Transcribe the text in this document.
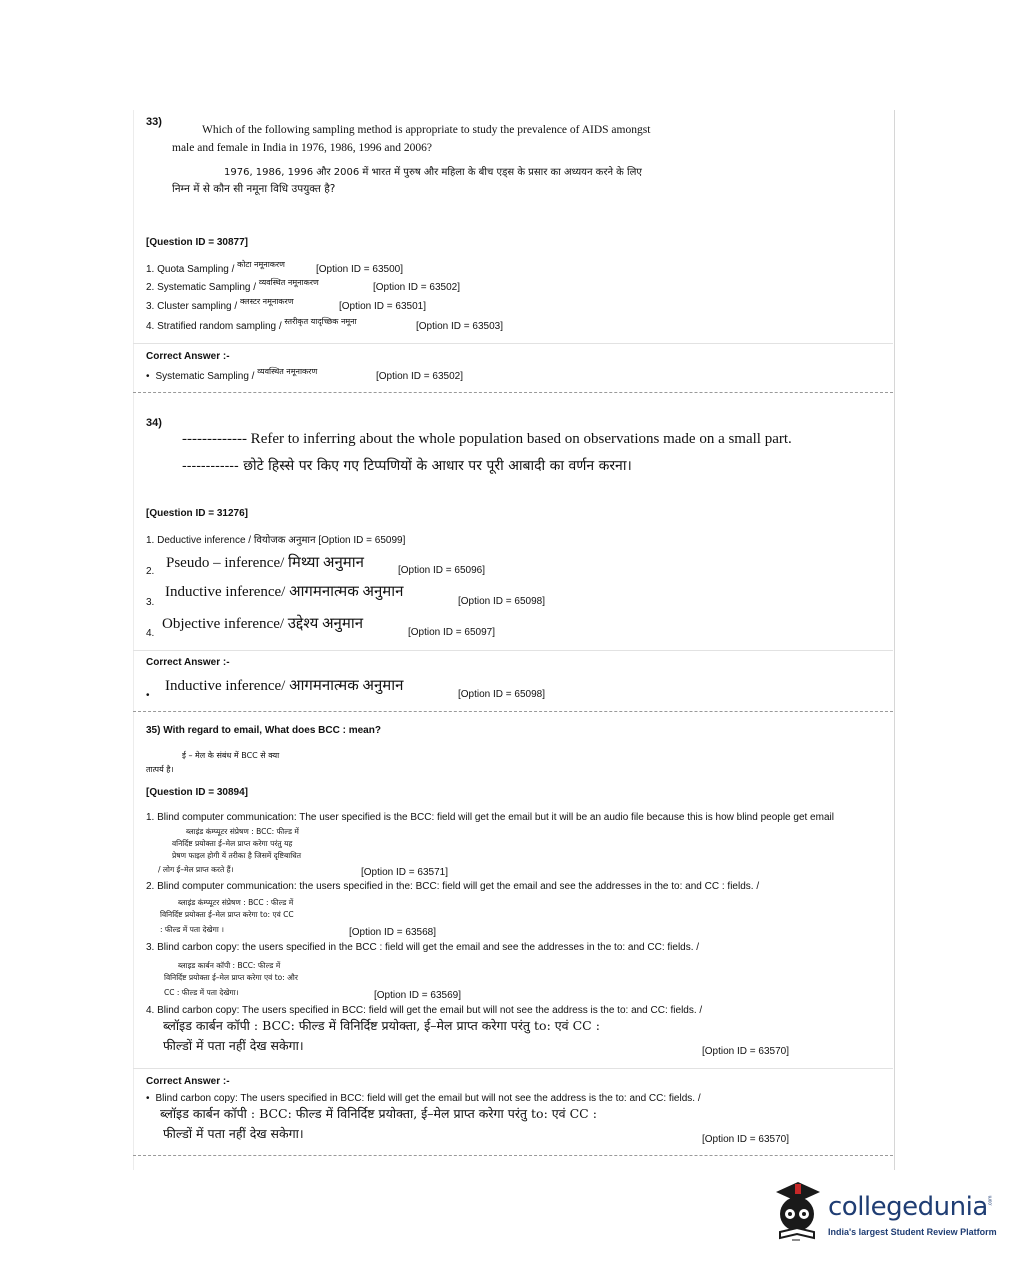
33)
Which of the following sampling method is appropriate to study the prevalence of AIDS amongst
male and female in India in 1976, 1986, 1996 and 2006?
1976, 1986, 1996 और 2006 में भारत में पुरुष और महिला के बीच एड्स के प्रसार का अध्ययन करने के लिए
निम्न में से कौन सी नमूना विधि उपयुक्त है?
[Question ID = 30877]
1. Quota Sampling / $^{कोटा नमूनाकरण}$	[Option ID = 63500]
2. Systematic Sampling / $^{व्यवस्थित नमूनाकरण}$	[Option ID = 63502]
3. Cluster sampling / $^{क्लस्टर नमूनाकरण}$	[Option ID = 63501]
4. Stratified random sampling / $^{स्तरीकृत यादृच्छिक नमूना}$	[Option ID = 63503]
Correct Answer :-
• Systematic Sampling / $^{व्यवस्थित नमूनाकरण}$	[Option ID = 63502]
34)
------------- Refer to inferring about the whole population based on observations made on a small part.
------------ छोटे हिस्से पर किए गए टिप्पणियों के आधार पर पूरी आबादी का वर्णन करना।
[Question ID = 31276]
1. Deductive inference / वियोजक अनुमान [Option ID = 65099]
2.
Pseudo – inference/ मिथ्या अनुमान	[Option ID = 65096]
3.
Inductive inference/ आगमनात्मक अनुमान
[Option ID = 65098]
4.
Objective inference/ उद्देश्य अनुमान
[Option ID = 65097]
Correct Answer :-
•
Inductive inference/ आगमनात्मक अनुमान
[Option ID = 65098]
35) With regard to email, What does BCC : mean?
ई – मेल के संबंध में BCC से क्या
तात्पर्य है।
[Question ID = 30894]
1. Blind computer communication: The user specified is the BCC: field will get the email but it will be an audio file because this is how blind people get email
ब्लाइंड कंम्प्यूटर संप्रेषण : BCC: फील्ड में
वनिर्दिष्ट प्रयोक्ता ई–मेल प्राप्त करेगा परंतु यह
प्रेषण फाइल होगी यें तरीका है जिसमें दृष्टिबाधित
/ लोग ई–मेल प्राप्त करते हैं।	[Option ID = 63571]
2. Blind computer communication: the users specified in the: BCC: field will get the email and see the addresses in the to: and CC : fields. /
ब्लाइंड कंम्प्यूटर संप्रेषण : BCC : फील्ड में
विनिर्दिष्ट प्रयोक्ता ई–मेल प्राप्त करेगा to: एवं CC
: फील्ड में पता देखेगा ।	[Option ID = 63568]
3. Blind carbon copy: the users specified in the BCC : field will get the email and see the addresses in the to: and CC: fields. /
ब्लाइड कार्बन कॉपी : BCC: फील्ड में
विनिर्दिष्ट प्रयोक्ता ई–मेल प्राप्त करेगा एवं to: और
CC : फील्ड में पता देखेगा।	[Option ID = 63569]
4. Blind carbon copy: The users specified in BCC: field will get the email but will not see the address is the to: and CC: fields. /
ब्लॉइड कार्बन कॉपी : BCC: फील्ड में विनिर्दिष्ट प्रयोक्ता, ई–मेल प्राप्त करेगा परंतु to: एवं CC :
फील्डों में पता नहीं देख सकेगा।	[Option ID = 63570]
Correct Answer :-
• Blind carbon copy: The users specified in BCC: field will get the email but will not see the address is the to: and CC: fields. /
ब्लॉइड कार्बन कॉपी : BCC: फील्ड में विनिर्दिष्ट प्रयोक्ता, ई–मेल प्राप्त करेगा परंतु to: एवं CC :
फील्डों में पता नहीं देख सकेगा।	[Option ID = 63570]
collegedunia .com
India's largest Student Review Platform
